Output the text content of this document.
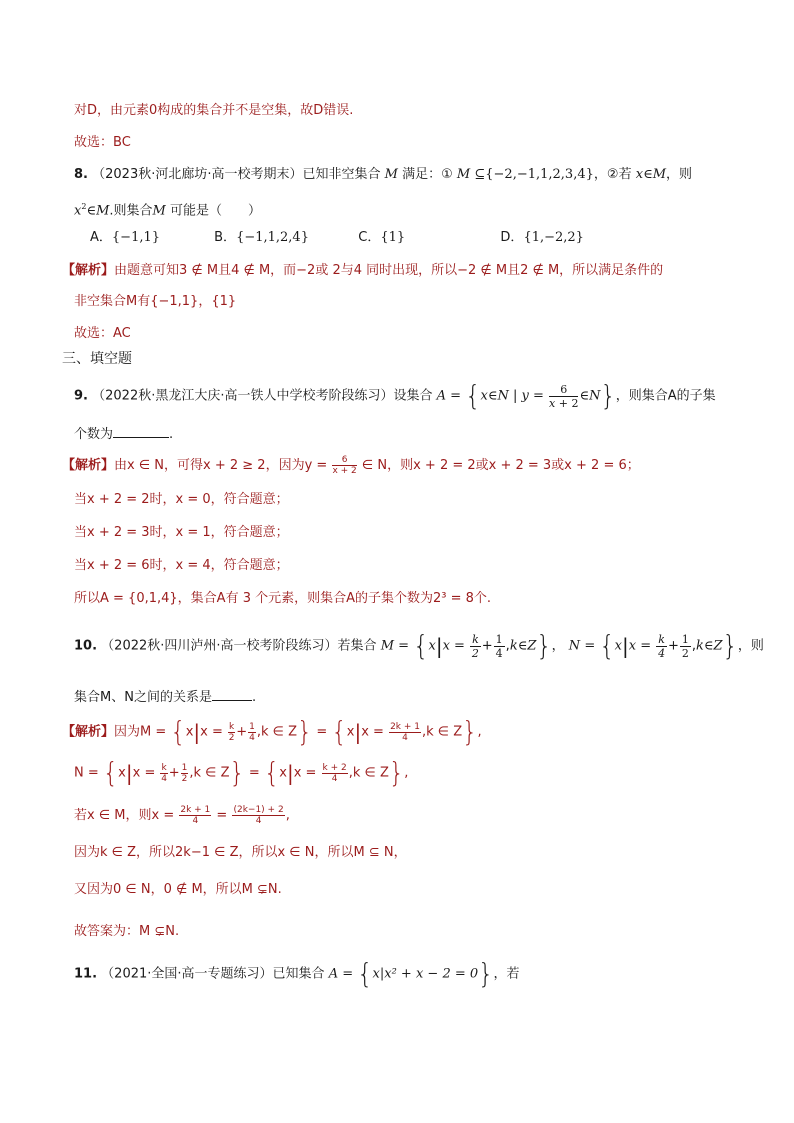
对D，由元素0构成的集合并不是空集，故D错误.
故选：BC
8. （2023秋·河北廊坊·高一校考期末）已知非空集合 M 满足：① M ⊆{−2,−1,1,2,3,4}，②若 x∈M，则
$x^2\in M$.则集合M 可能是（　　）
A．{−1,1}	B．{−1,1,2,4}	C．{1}	D．{1,−2,2}
【解析】由题意可知3 ∉ M且4 ∉ M，而−2或 2与4 同时出现，所以−2 ∉ M且2 ∉ M，所以满足条件的
非空集合M有{−1,1}，{1}
故选：AC
三、填空题
9. （2022秋·黑龙江大庆·高一铁人中学校考阶段练习）设集合 A = {x∈N | $y = \frac{6}{x + 2}$ ∈N}，则集合A的子集
个数为	.
【解析】由x ∈ N，可得x + 2 ≥ 2，因为$y = \frac{6}{x + 2}$ ∈ N，则x + 2 = 2或x + 2 = 3或x + 2 = 6；
当x + 2 = 2时，x = 0，符合题意；
当x + 2 = 3时，x = 1，符合题意；
当x + 2 = 6时，x = 4，符合题意；
所以A = {0,1,4}，集合A有 3 个元素，则集合A的子集个数为2³ = 8个.
10. （2022秋·四川泸州·高一校考阶段练习）若集合 $M = \{x|x = \frac{k}{2} + \frac{1}{4}$ ,k∈Z}， $N = \{x|x = \frac{k}{4} + \frac{1}{2}$ ,k∈Z}，则
集合M、N之间的关系是	.
【解析】因为$M = \{x|x = \frac{k}{2} + \frac{1}{4} ,k$ ∈ $Z\} = \{x|x = \frac{2k + 1}{4} ,k$ ∈ Z},
$N = \{x|x = \frac{k}{4} + \frac{1}{2} ,k$ ∈ $Z\} = \{x|x = \frac{k + 2}{4} ,k$ ∈ Z},
若x ∈ M，则$x = \frac{2k + 1}{4} = \frac{(2k-1) + 2}{4}$ ,
因为k ∈ Z，所以2k−1 ∈ Z，所以x ∈ N，所以M ⊆ N，
又因为0 ∈ N，0 ∉ M，所以M ⊊N.
故答案为：M ⊊N.
11. （2021·全国·高一专题练习）已知集合 A = {x|x² + x − 2 = 0}，若
